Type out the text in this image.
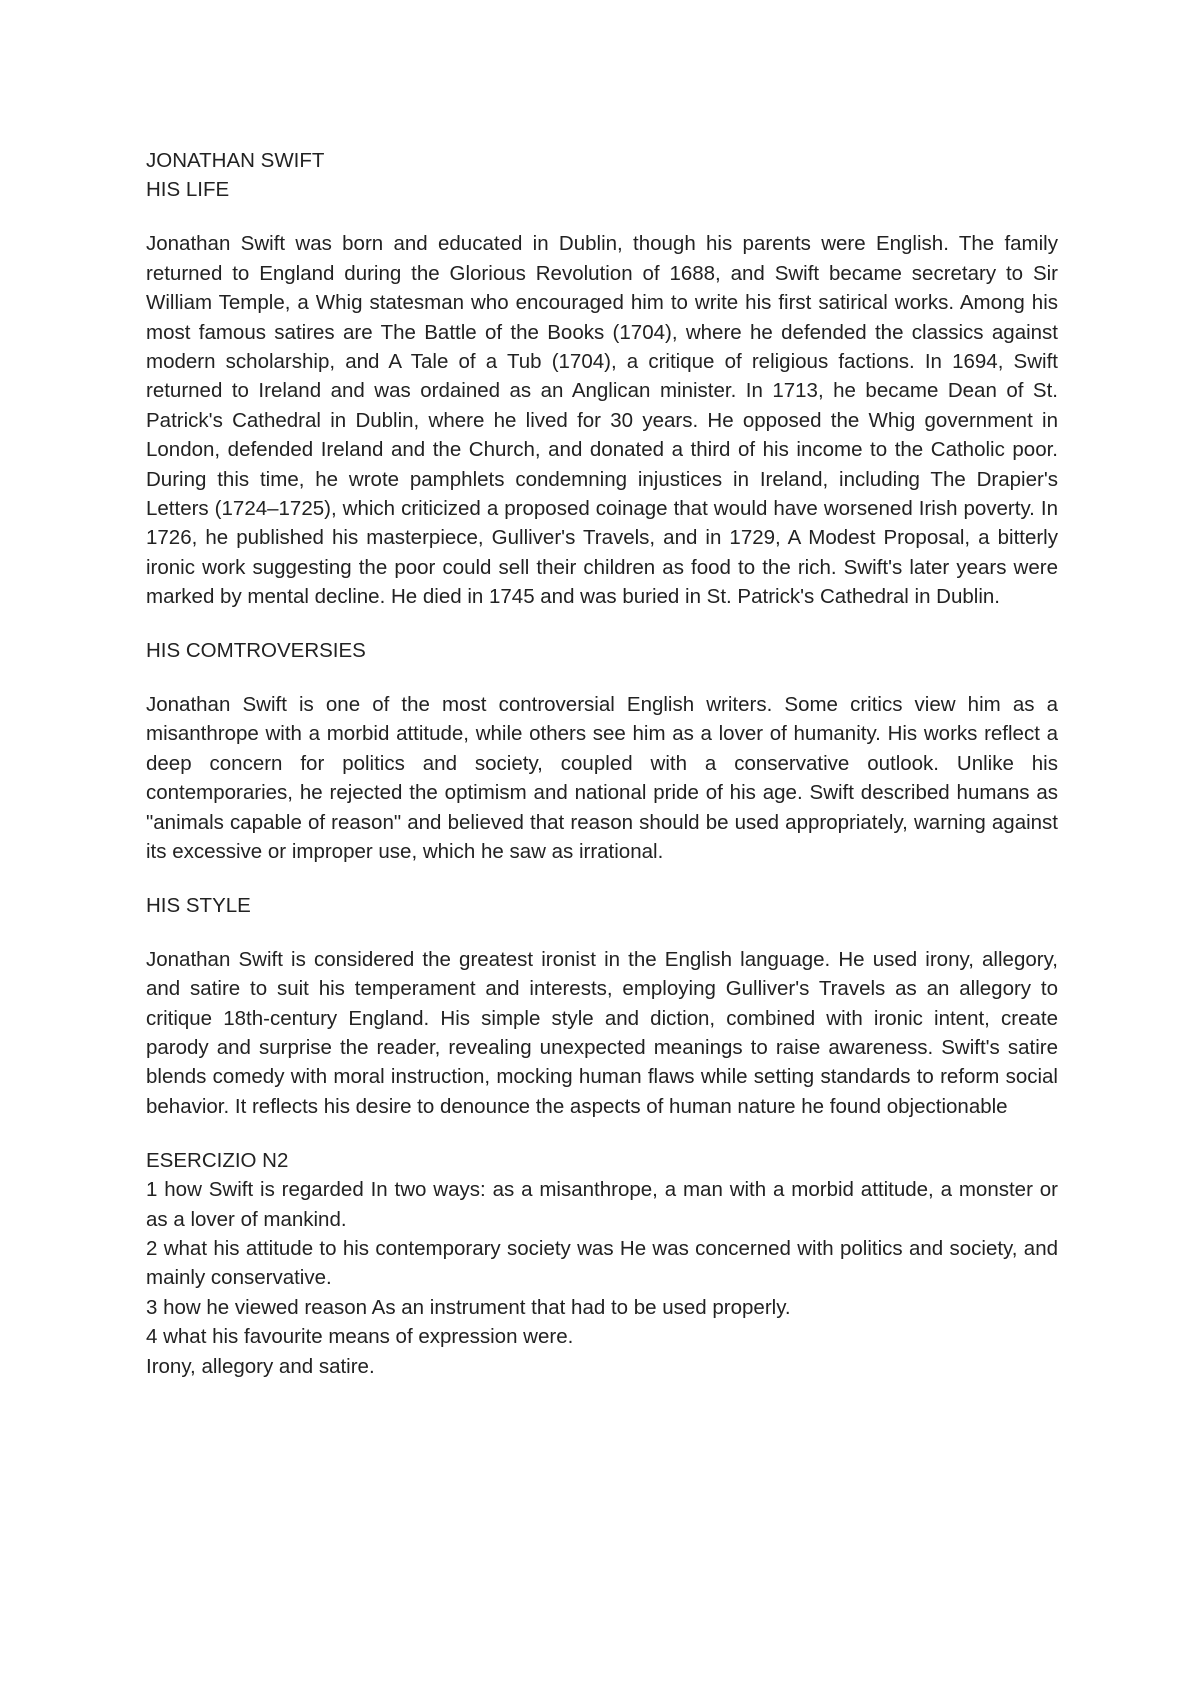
JONATHAN SWIFT

HIS LIFE

Jonathan Swift was born and educated in Dublin, though his parents were English. The family returned to England during the Glorious Revolution of 1688, and Swift became secretary to Sir William Temple, a Whig statesman who encouraged him to write his first satirical works. Among his most famous satires are The Battle of the Books (1704), where he defended the classics against modern scholarship, and A Tale of a Tub (1704), a critique of religious factions. In 1694, Swift returned to Ireland and was ordained as an Anglican minister. In 1713, he became Dean of St. Patrick's Cathedral in Dublin, where he lived for 30 years. He opposed the Whig government in London, defended Ireland and the Church, and donated a third of his income to the Catholic poor. During this time, he wrote pamphlets condemning injustices in Ireland, including The Drapier's Letters (1724–1725), which criticized a proposed coinage that would have worsened Irish poverty. In 1726, he published his masterpiece, Gulliver's Travels, and in 1729, A Modest Proposal, a bitterly ironic work suggesting the poor could sell their children as food to the rich. Swift's later years were marked by mental decline. He died in 1745 and was buried in St. Patrick's Cathedral in Dublin.

HIS COMTROVERSIES

Jonathan Swift is one of the most controversial English writers. Some critics view him as a misanthrope with a morbid attitude, while others see him as a lover of humanity. His works reflect a deep concern for politics and society, coupled with a conservative outlook. Unlike his contemporaries, he rejected the optimism and national pride of his age. Swift described humans as "animals capable of reason" and believed that reason should be used appropriately, warning against its excessive or improper use, which he saw as irrational.

HIS STYLE

Jonathan Swift is considered the greatest ironist in the English language. He used irony, allegory, and satire to suit his temperament and interests, employing Gulliver's Travels as an allegory to critique 18th-century England. His simple style and diction, combined with ironic intent, create parody and surprise the reader, revealing unexpected meanings to raise awareness. Swift's satire blends comedy with moral instruction, mocking human flaws while setting standards to reform social behavior. It reflects his desire to denounce the aspects of human nature he found objectionable

ESERCIZIO N2

1 how Swift is regarded In two ways: as a misanthrope, a man with a morbid attitude, a monster or as a lover of mankind.

2 what his attitude to his contemporary society was He was concerned with politics and society, and mainly conservative.

3 how he viewed reason As an instrument that had to be used properly.

4 what his favourite means of expression were.

Irony, allegory and satire.
